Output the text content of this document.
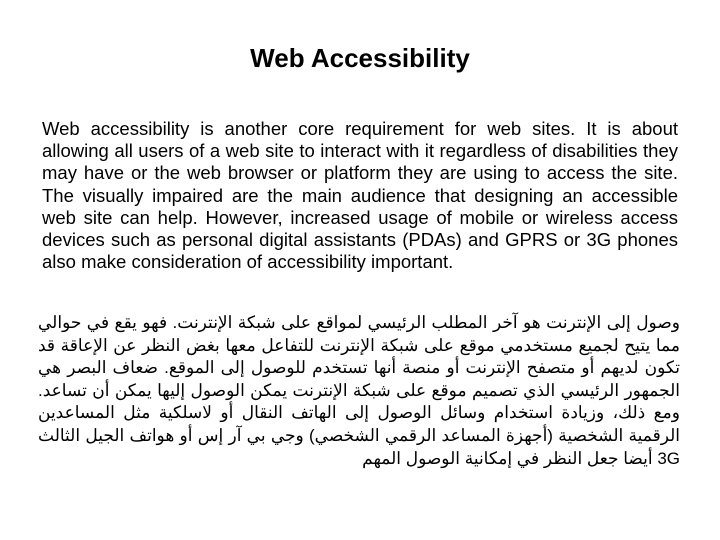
Web Accessibility

Web accessibility is another core requirement for web sites. It is about allowing all users of a web site to interact with it regardless of disabilities they may have or the web browser or platform they are using to access the site. The visually impaired are the main audience that designing an accessible web site can help. However, increased usage of mobile or wireless access devices such as personal digital assistants (PDAs) and GPRS or 3G phones also make consideration of accessibility important.

وصول إلى الإنترنت هو آخر المطلب الرئيسي لمواقع على شبكة الإنترنت. فهو يقع في حوالي مما يتيح لجميع مستخدمي موقع على شبكة الإنترنت للتفاعل معها بغض النظر عن الإعاقة قد تكون لديهم أو متصفح الإنترنت أو منصة أنها تستخدم للوصول إلى الموقع. ضعاف البصر هي الجمهور الرئيسي الذي تصميم موقع على شبكة الإنترنت يمكن الوصول إليها يمكن أن تساعد. ومع ذلك، وزيادة استخدام وسائل الوصول إلى الهاتف النقال أو لاسلكية مثل المساعدين الرقمية الشخصية (أجهزة المساعد الرقمي الشخصي) وجي بي آر إس أو هواتف الجيل الثالث 3G أيضا جعل النظر في إمكانية الوصول المهم
